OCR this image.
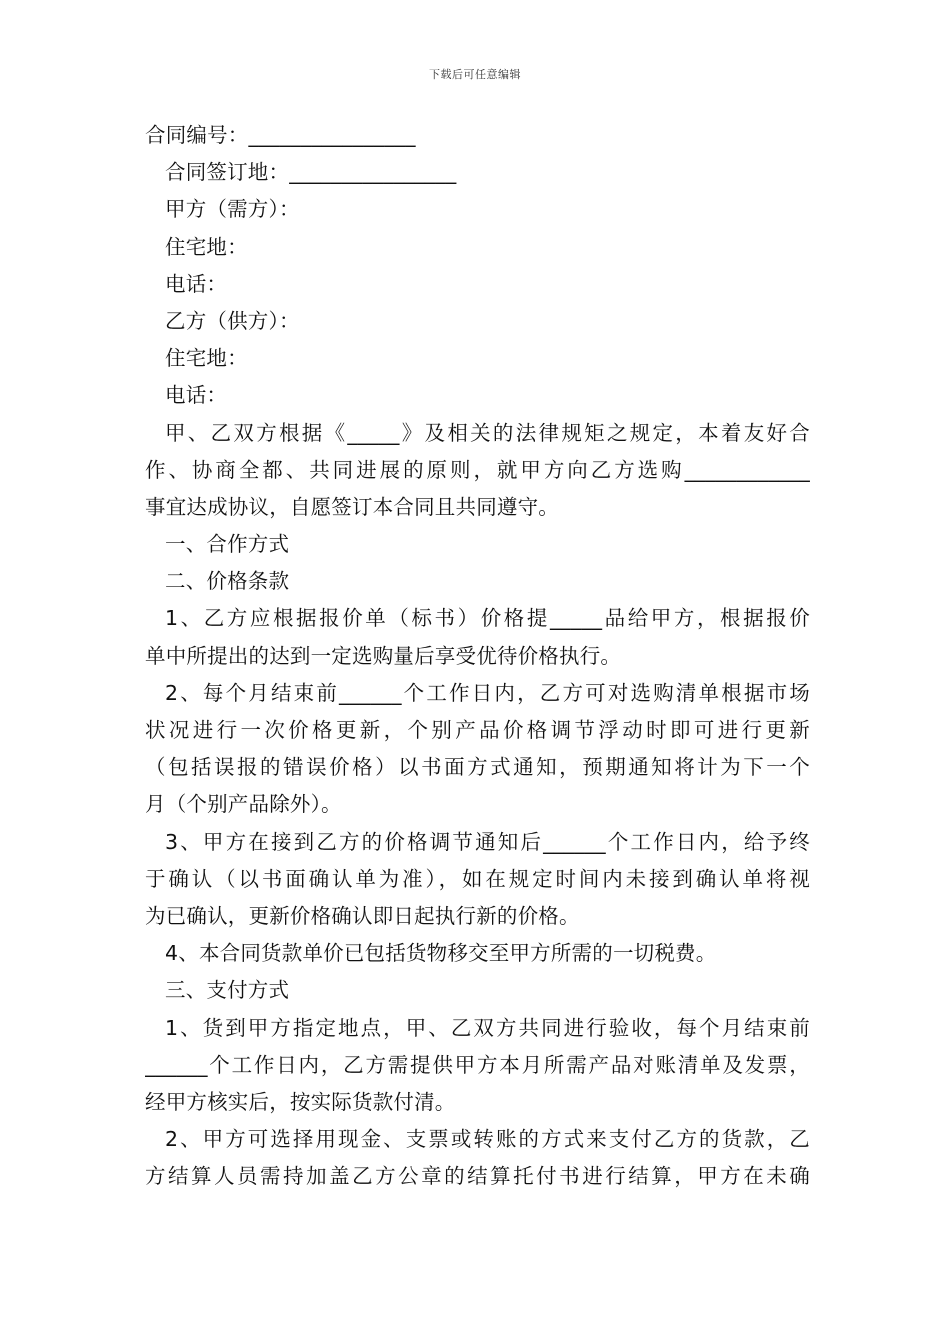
下载后可任意编辑
合同编号：________________
合同签订地：________________
甲方（需方）：
住宅地：
电话：
乙方（供方）：
住宅地：
电话：
甲、乙双方根据《_____》及相关的法律规矩之规定，本着友好合
作、协商全都、共同进展的原则，就甲方向乙方选购____________
事宜达成协议，自愿签订本合同且共同遵守。
一、合作方式
二、价格条款
1、乙方应根据报价单（标书）价格提_____品给甲方，根据报价
单中所提出的达到一定选购量后享受优待价格执行。
2、每个月结束前______个工作日内，乙方可对选购清单根据市场
状况进行一次价格更新，个别产品价格调节浮动时即可进行更新
（包括误报的错误价格）以书面方式通知，预期通知将计为下一个
月（个别产品除外）。
3、甲方在接到乙方的价格调节通知后______个工作日内，给予终
于确认（以书面确认单为准），如在规定时间内未接到确认单将视
为已确认，更新价格确认即日起执行新的价格。
4、本合同货款单价已包括货物移交至甲方所需的一切税费。
三、支付方式
1、货到甲方指定地点，甲、乙双方共同进行验收，每个月结束前
______个工作日内，乙方需提供甲方本月所需产品对账清单及发票，
经甲方核实后，按实际货款付清。
2、甲方可选择用现金、支票或转账的方式来支付乙方的货款，乙
方结算人员需持加盖乙方公章的结算托付书进行结算，甲方在未确
